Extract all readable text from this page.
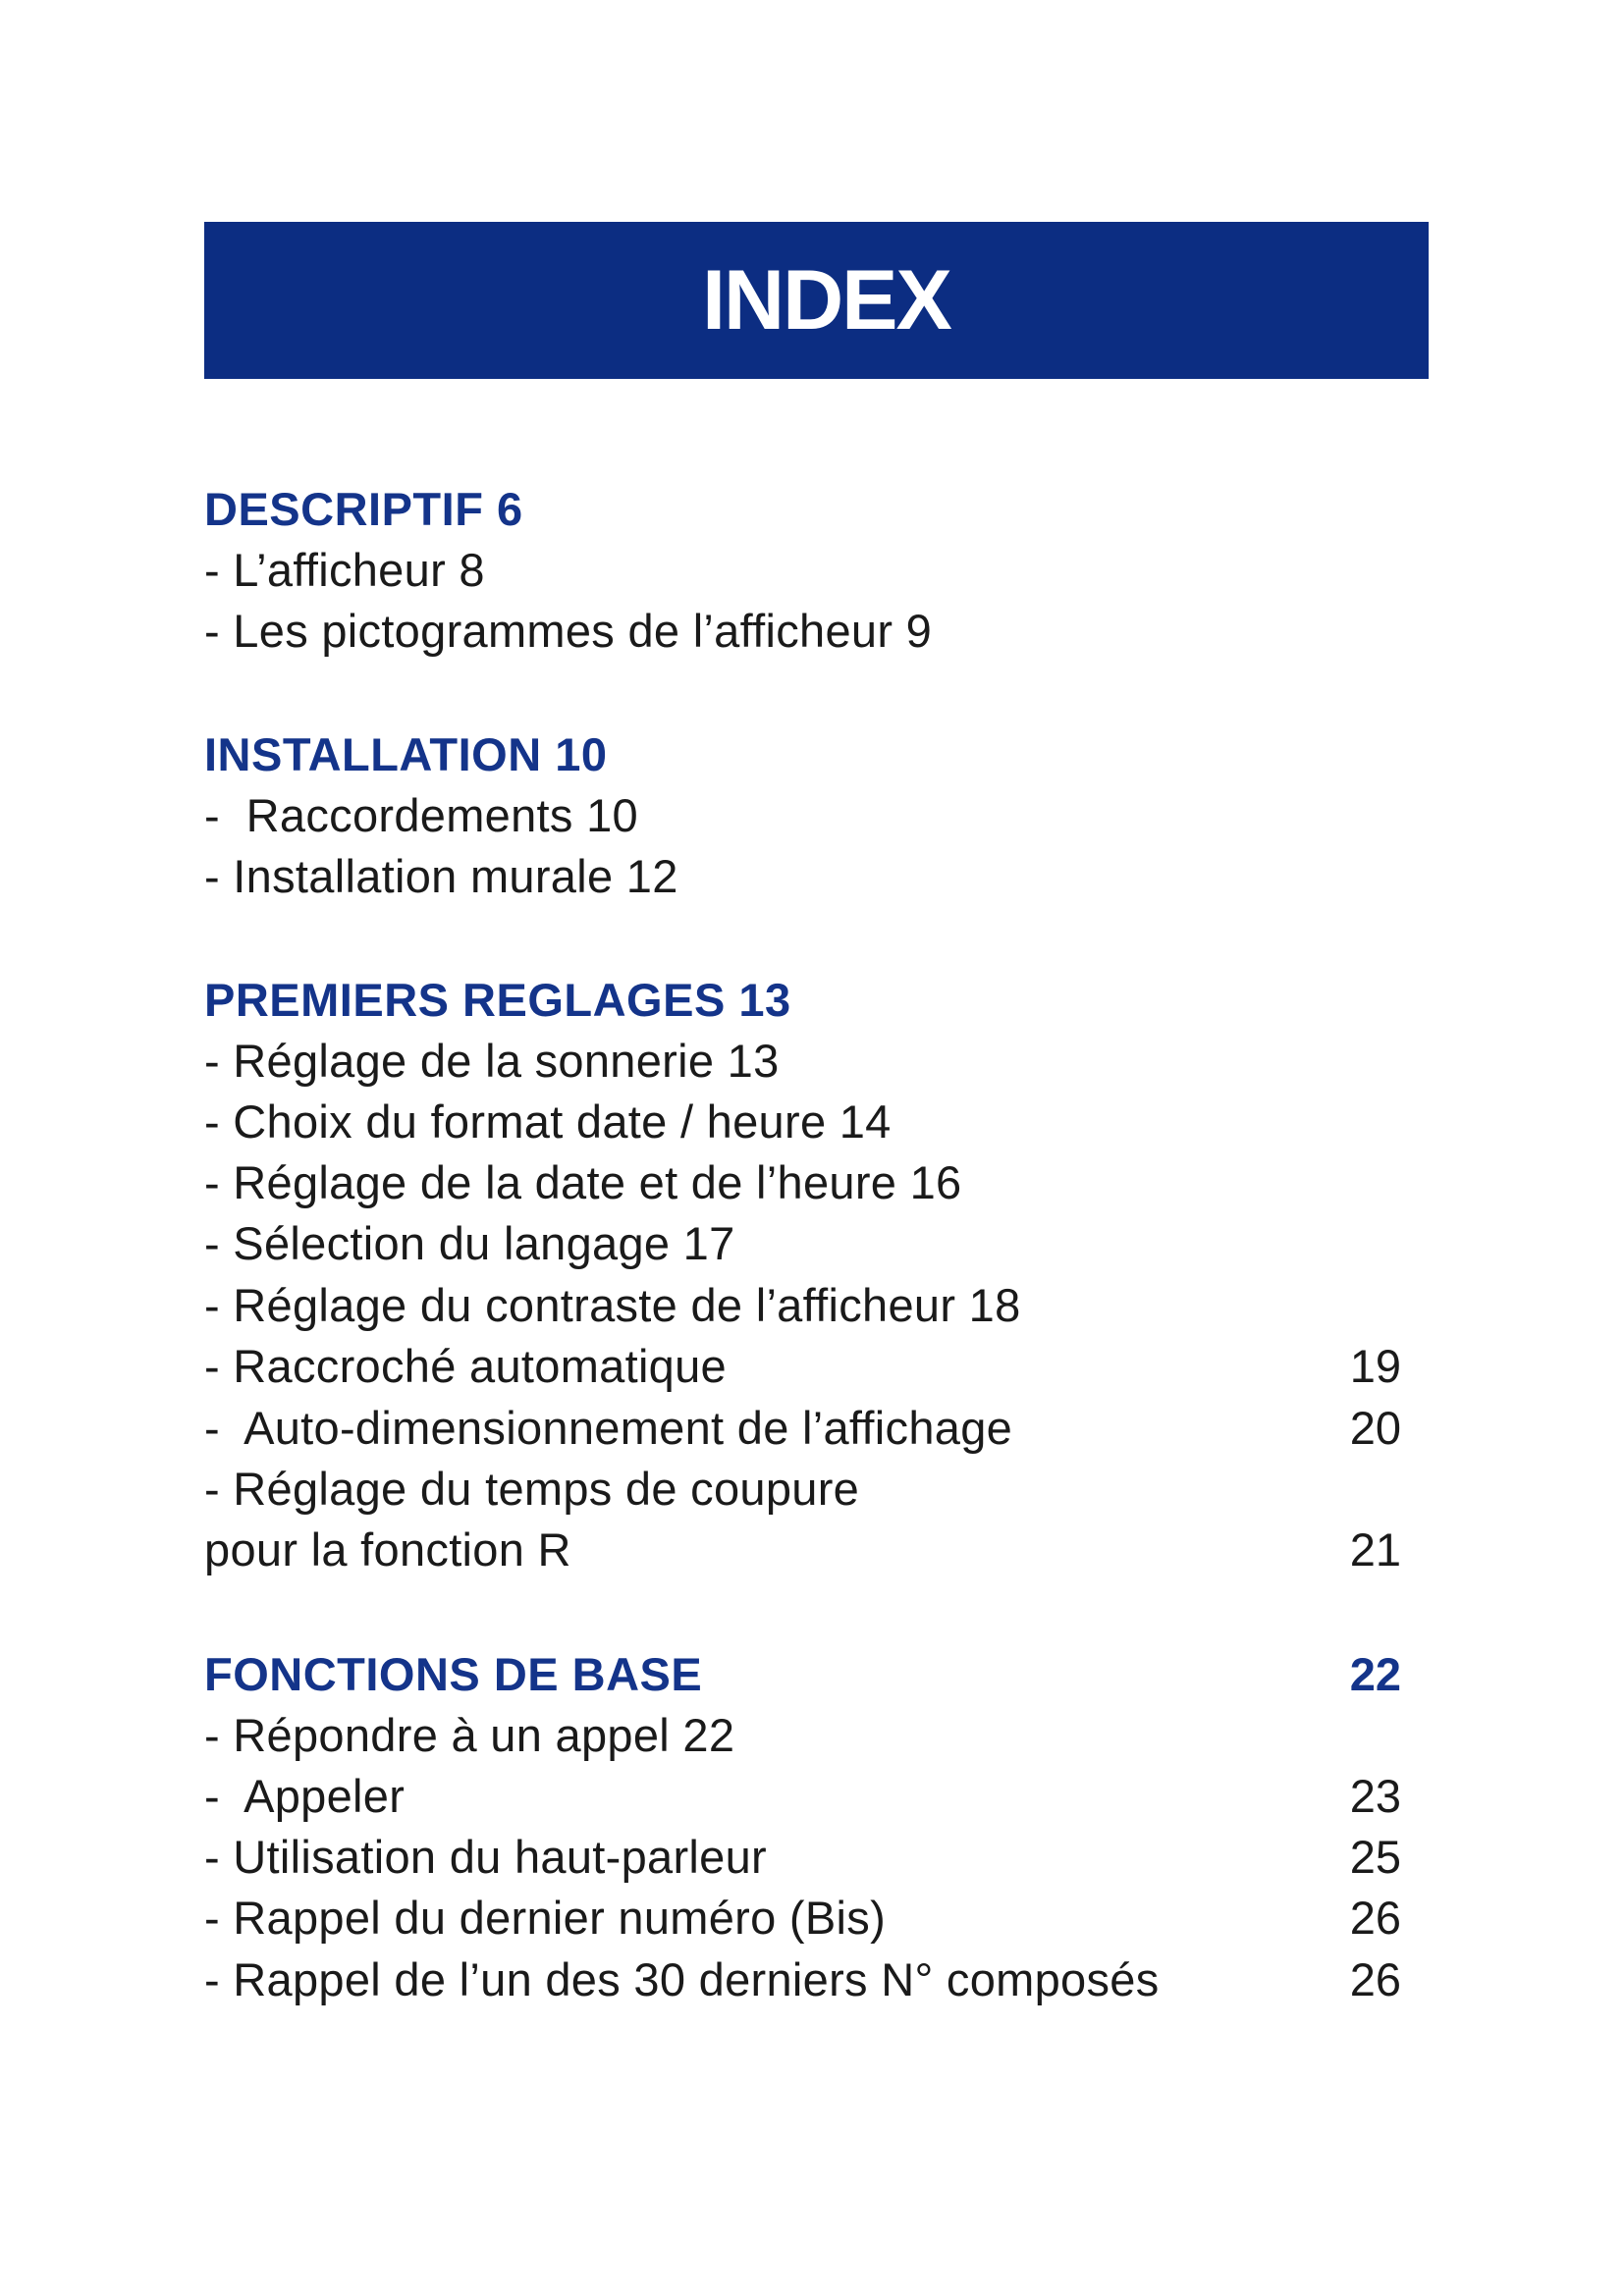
INDEX
DESCRIPTIF 6
- L’afficheur 8
- Les pictogrammes de l’afficheur 9
INSTALLATION 10
-  Raccordements 10
- Installation murale 12
PREMIERS REGLAGES 13
- Réglage de la sonnerie 13
- Choix du format date / heure 14
- Réglage de la date et de l’heure 16
- Sélection du langage 17
- Réglage du contraste de l’afficheur 18
- Raccroché automatique	19
-  Auto-dimensionnement de l’affichage	20
- Réglage du temps de coupure
pour la fonction R	21
FONCTIONS DE BASE	22
- Répondre à un appel 22
-  Appeler	23
- Utilisation du haut-parleur	25
- Rappel du dernier numéro (Bis)	26
- Rappel de l’un des 30 derniers N° composés	26
